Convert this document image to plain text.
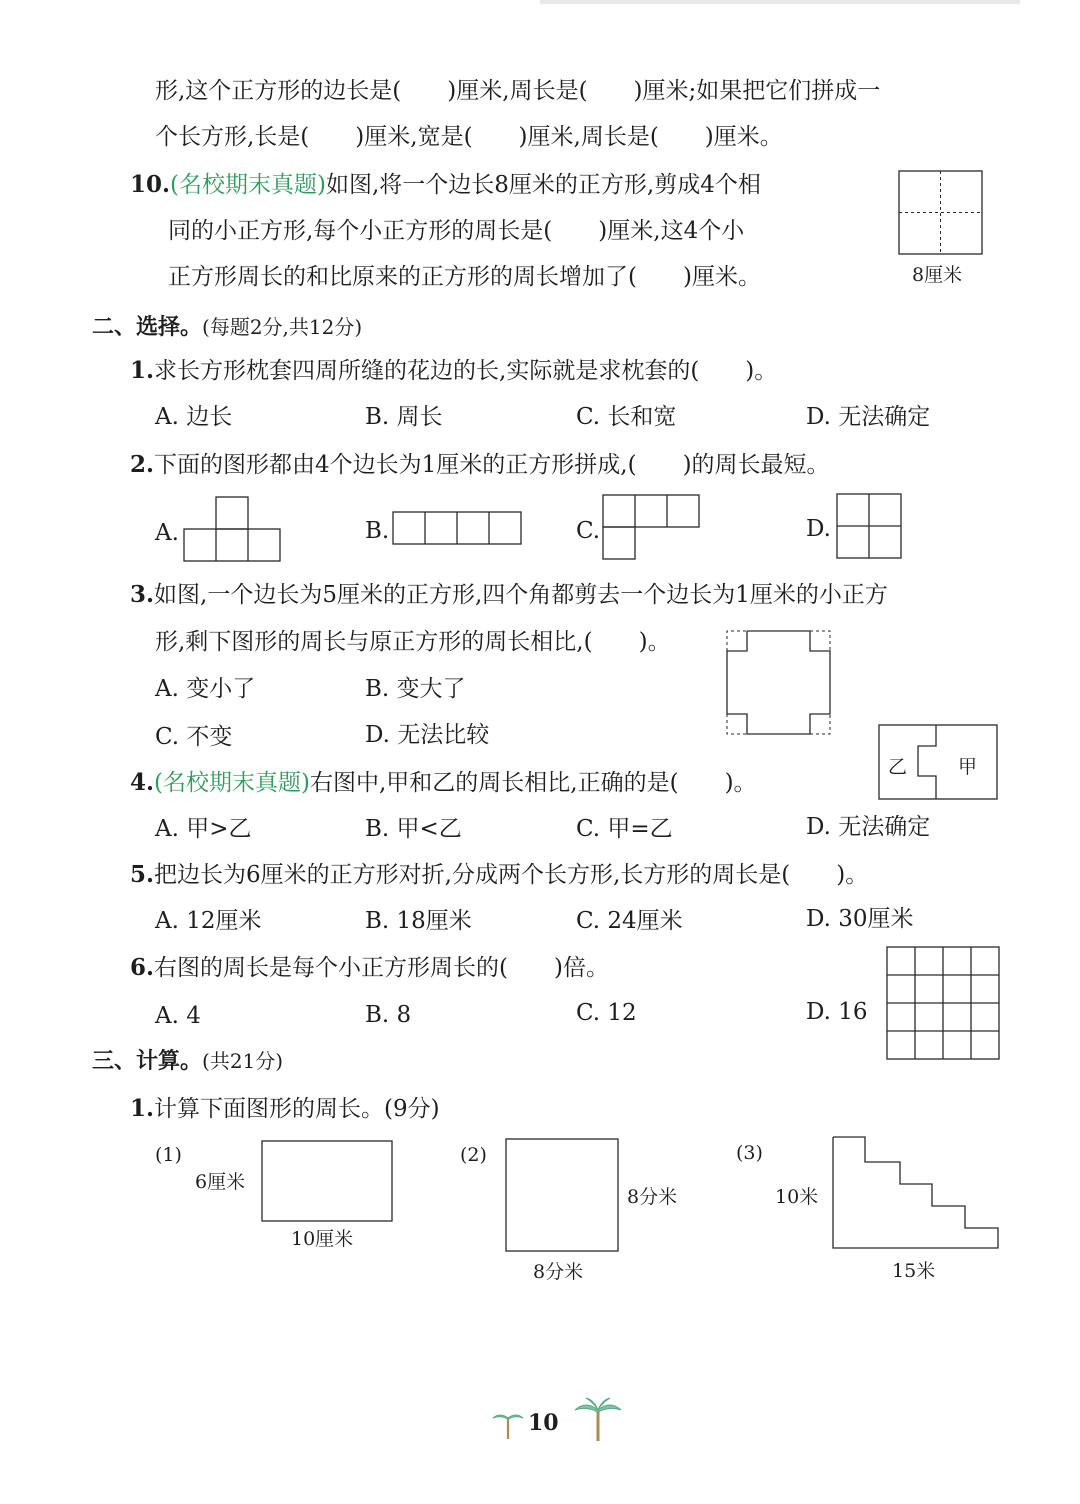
形,这个正方形的边长是(　　)厘米,周长是(　　)厘米;如果把它们拼成一
个长方形,长是(　　)厘米,宽是(　　)厘米,周长是(　　)厘米。
10.(名校期末真题)如图,将一个边长8厘米的正方形,剪成4个相
同的小正方形,每个小正方形的周长是(　　)厘米,这4个小
正方形周长的和比原来的正方形的周长增加了(　　)厘米。	8厘米
二、选择。(每题2分,共12分)
1.求长方形枕套四周所缝的花边的长,实际就是求枕套的(　　)。
A. 边长	B. 周长	C. 长和宽	D. 无法确定
2.下面的图形都由4个边长为1厘米的正方形拼成,(　　)的周长最短。
A.	B.	C.	D.
3.如图,一个边长为5厘米的正方形,四个角都剪去一个边长为1厘米的小正方
形,剩下图形的周长与原正方形的周长相比,(　　)。
A. 变小了	B. 变大了
C. 不变	D. 无法比较
4.(名校期末真题)右图中,甲和乙的周长相比,正确的是(　　)。
乙	甲
A. 甲>乙	B. 甲<乙	C. 甲=乙	D. 无法确定
5.把边长为6厘米的正方形对折,分成两个长方形,长方形的周长是(　　)。
A. 12厘米	B. 18厘米	C. 24厘米	D. 30厘米
6.右图的周长是每个小正方形周长的(　　)倍。
A. 4	B. 8	C. 12	D. 16
三、计算。(共21分)
1.计算下面图形的周长。(9分)
(1)
6厘米
10厘米
(2)
8分米
8分米
(3)
10米
15米
10
